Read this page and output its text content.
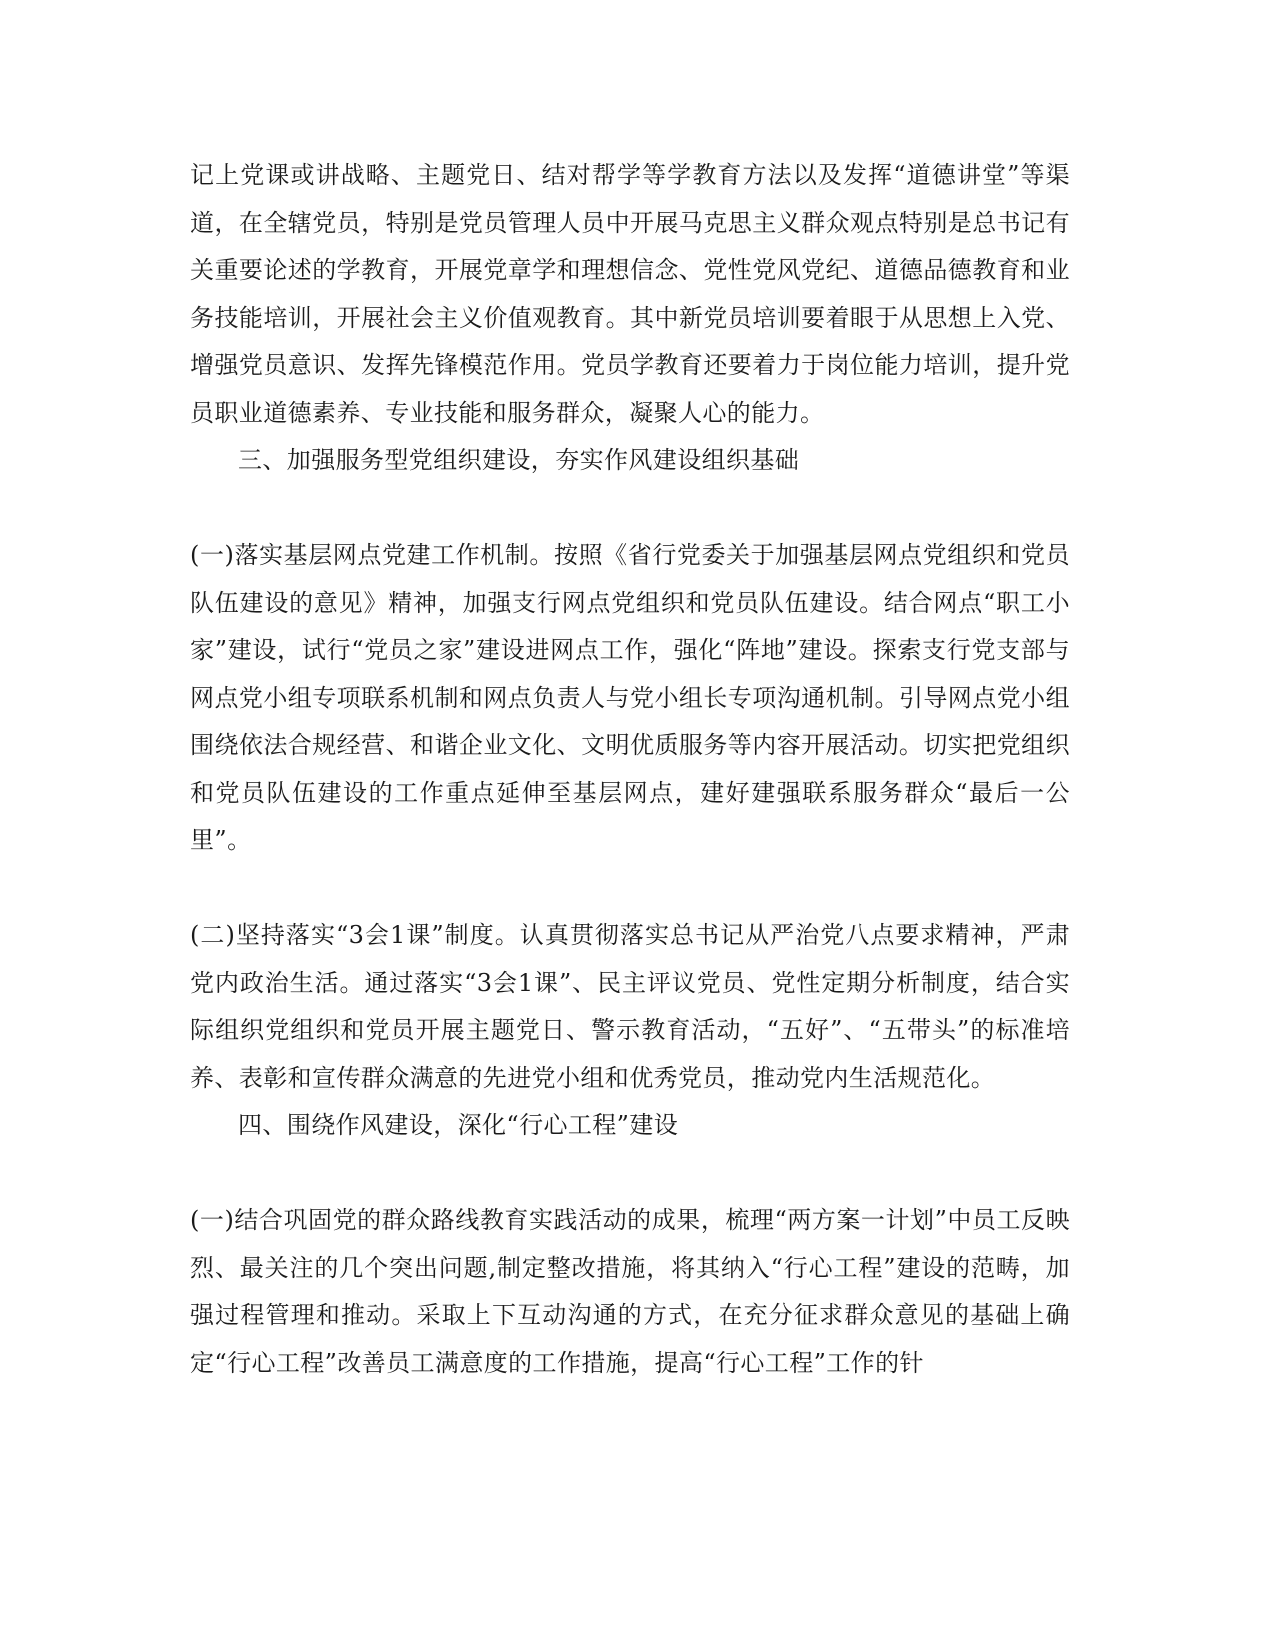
记上党课或讲战略、主题党日、结对帮学等学教育方法以及发挥“道德讲堂”等渠道，在全辖党员，特别是党员管理人员中开展马克思主义群众观点特别是总书记有关重要论述的学教育，开展党章学和理想信念、党性党风党纪、道德品德教育和业务技能培训，开展社会主义价值观教育。其中新党员培训要着眼于从思想上入党、增强党员意识、发挥先锋模范作用。党员学教育还要着力于岗位能力培训，提升党员职业道德素养、专业技能和服务群众，凝聚人心的能力。

三、加强服务型党组织建设，夯实作风建设组织基础

(一)落实基层网点党建工作机制。按照《省行党委关于加强基层网点党组织和党员队伍建设的意见》精神，加强支行网点党组织和党员队伍建设。结合网点“职工小家”建设，试行“党员之家”建设进网点工作，强化“阵地”建设。探索支行党支部与网点党小组专项联系机制和网点负责人与党小组长专项沟通机制。引导网点党小组围绕依法合规经营、和谐企业文化、文明优质服务等内容开展活动。切实把党组织和党员队伍建设的工作重点延伸至基层网点，建好建强联系服务群众“最后一公里”。

(二)坚持落实“3会1课”制度。认真贯彻落实总书记从严治党八点要求精神，严肃党内政治生活。通过落实“3会1课”、民主评议党员、党性定期分析制度，结合实际组织党组织和党员开展主题党日、警示教育活动，“五好”、“五带头”的标准培养、表彰和宣传群众满意的先进党小组和优秀党员，推动党内生活规范化。

四、围绕作风建设，深化“行心工程”建设

(一)结合巩固党的群众路线教育实践活动的成果，梳理“两方案一计划”中员工反映烈、最关注的几个突出问题,制定整改措施，将其纳入“行心工程”建设的范畴，加强过程管理和推动。采取上下互动沟通的方式，在充分征求群众意见的基础上确定“行心工程”改善员工满意度的工作措施，提高“行心工程”工作的针
